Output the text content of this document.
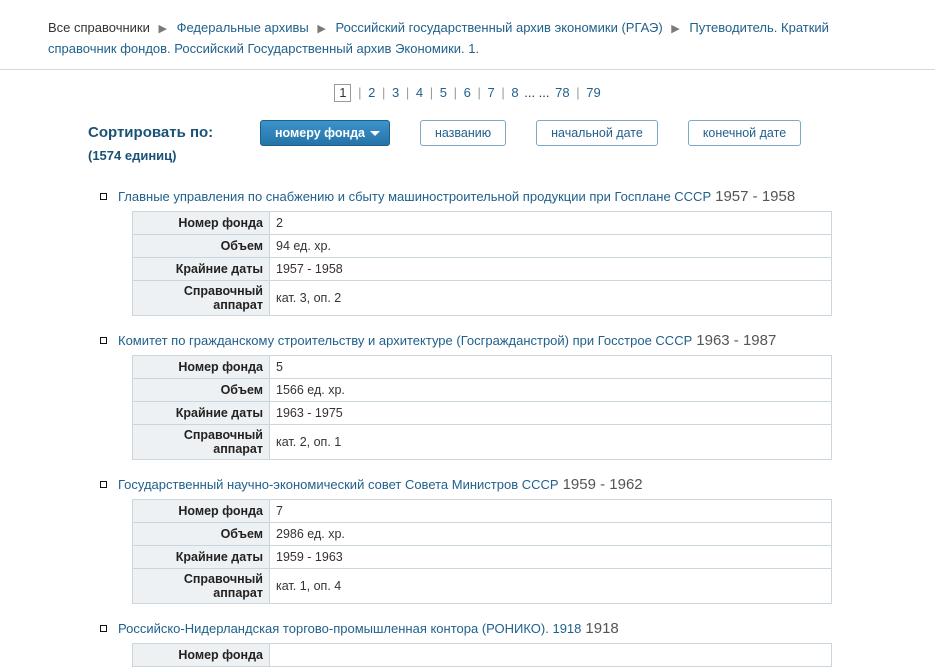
Все справочники ▶ Федеральные архивы ▶ Российский государственный архив экономики (РГАЭ) ▶ Путеводитель. Краткий справочник фондов. Российский Государственный архив Экономики. 1.
1 | 2 | 3 | 4 | 5 | 6 | 7 | 8 ... ... 78 | 79
Сортировать по:
(1574 единиц)
номеру фонда	названию	начальной дате	конечной дате
Главные управления по снабжению и сбыту машиностроительной продукции при Госплане СССР 1957 - 1958
Номер фонда	2
Объем	94 ед. хр.
Крайние даты	1957 - 1958
Справочный аппарат	кат. 3, оп. 2
Комитет по гражданскому строительству и архитектуре (Госгражданстрой) при Госстрое СССР 1963 - 1987
Номер фонда	5
Объем	1566 ед. хр.
Крайние даты	1963 - 1975
Справочный аппарат	кат. 2, оп. 1
Государственный научно-экономический совет Совета Министров СССР 1959 - 1962
Номер фонда	7
Объем	2986 ед. хр.
Крайние даты	1959 - 1963
Справочный аппарат	кат. 1, оп. 4
Российско-Нидерландская торгово-промышленная контора (РОНИКО). 1918 1918
Номер фонда	
